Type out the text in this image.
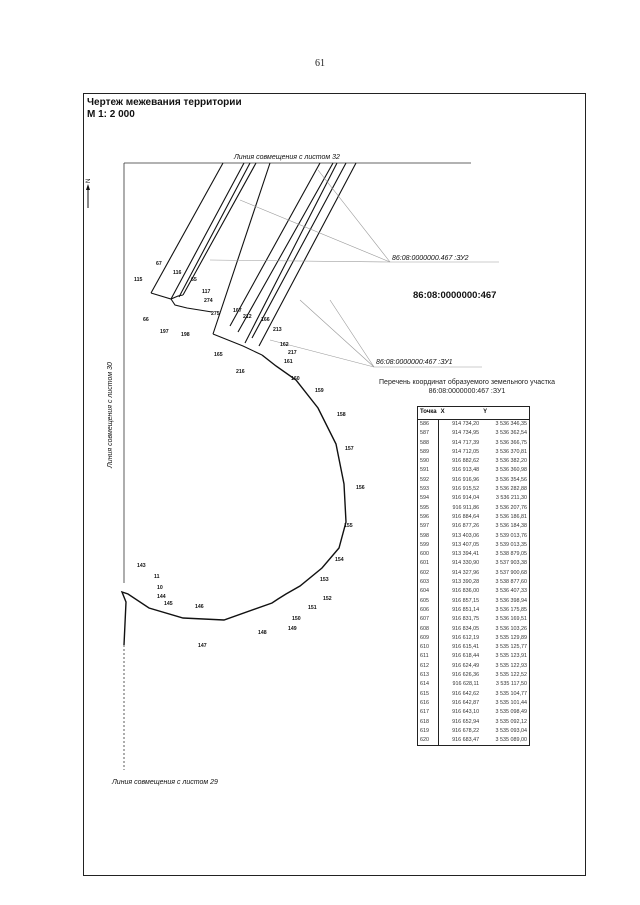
61
Чертеж межевания территории
М 1: 2 000
N
Линия совмещения с листом 32
Линия совмещения с листом 30
Линия совмещения с листом 29
86:08:0000000.467 :ЗУ2
86:08:0000000:467
86:08:0000000:467 :ЗУ1
67
115
116
65
117
274
66
275
197 198
167
212 166
213
165
162
217
161
216
160
159
158
157
156
155
154
153
152
151
150
149
148
147
146
145
144
10
11
143
Перечень координат образуемого земельного участка 86:08:0000000:467 :ЗУ1
Точка	X	Y
586	914 734,20	3 536 346,35
587	914 734,95	3 536 362,54
588	914 717,39	3 536 366,75
589	914 712,05	3 536 370,81
590	916 882,62	3 536 382,20
591	916 913,48	3 536 360,98
592	916 916,96	3 536 354,56
593	916 915,52	3 536 282,88
594	916 914,04	3 536 211,30
595	916 911,86	3 536 207,76
596	916 884,64	3 536 186,81
597	916 877,26	3 536 184,38
598	913 403,06	3 539 013,76
599	913 407,05	3 539 013,35
600	913 394,41	3 538 879,05
601	914 330,90	3 537 903,38
602	914 327,96	3 537 900,68
603	913 390,28	3 538 877,60
604	916 836,00	3 536 407,33
605	916 857,15	3 536 398,94
606	916 851,14	3 536 175,85
607	916 831,75	3 536 169,51
608	916 834,05	3 536 103,26
609	916 612,19	3 535 129,89
610	916 615,41	3 535 125,77
611	916 618,44	3 535 123,91
612	916 624,49	3 535 122,93
613	916 626,36	3 535 122,52
614	916 628,11	3 535 117,50
615	916 642,62	3 535 104,77
616	916 642,87	3 535 101,44
617	916 643,10	3 535 098,49
618	916 652,94	3 535 092,12
619	916 678,22	3 535 093,04
620	916 683,47	3 535 089,00
